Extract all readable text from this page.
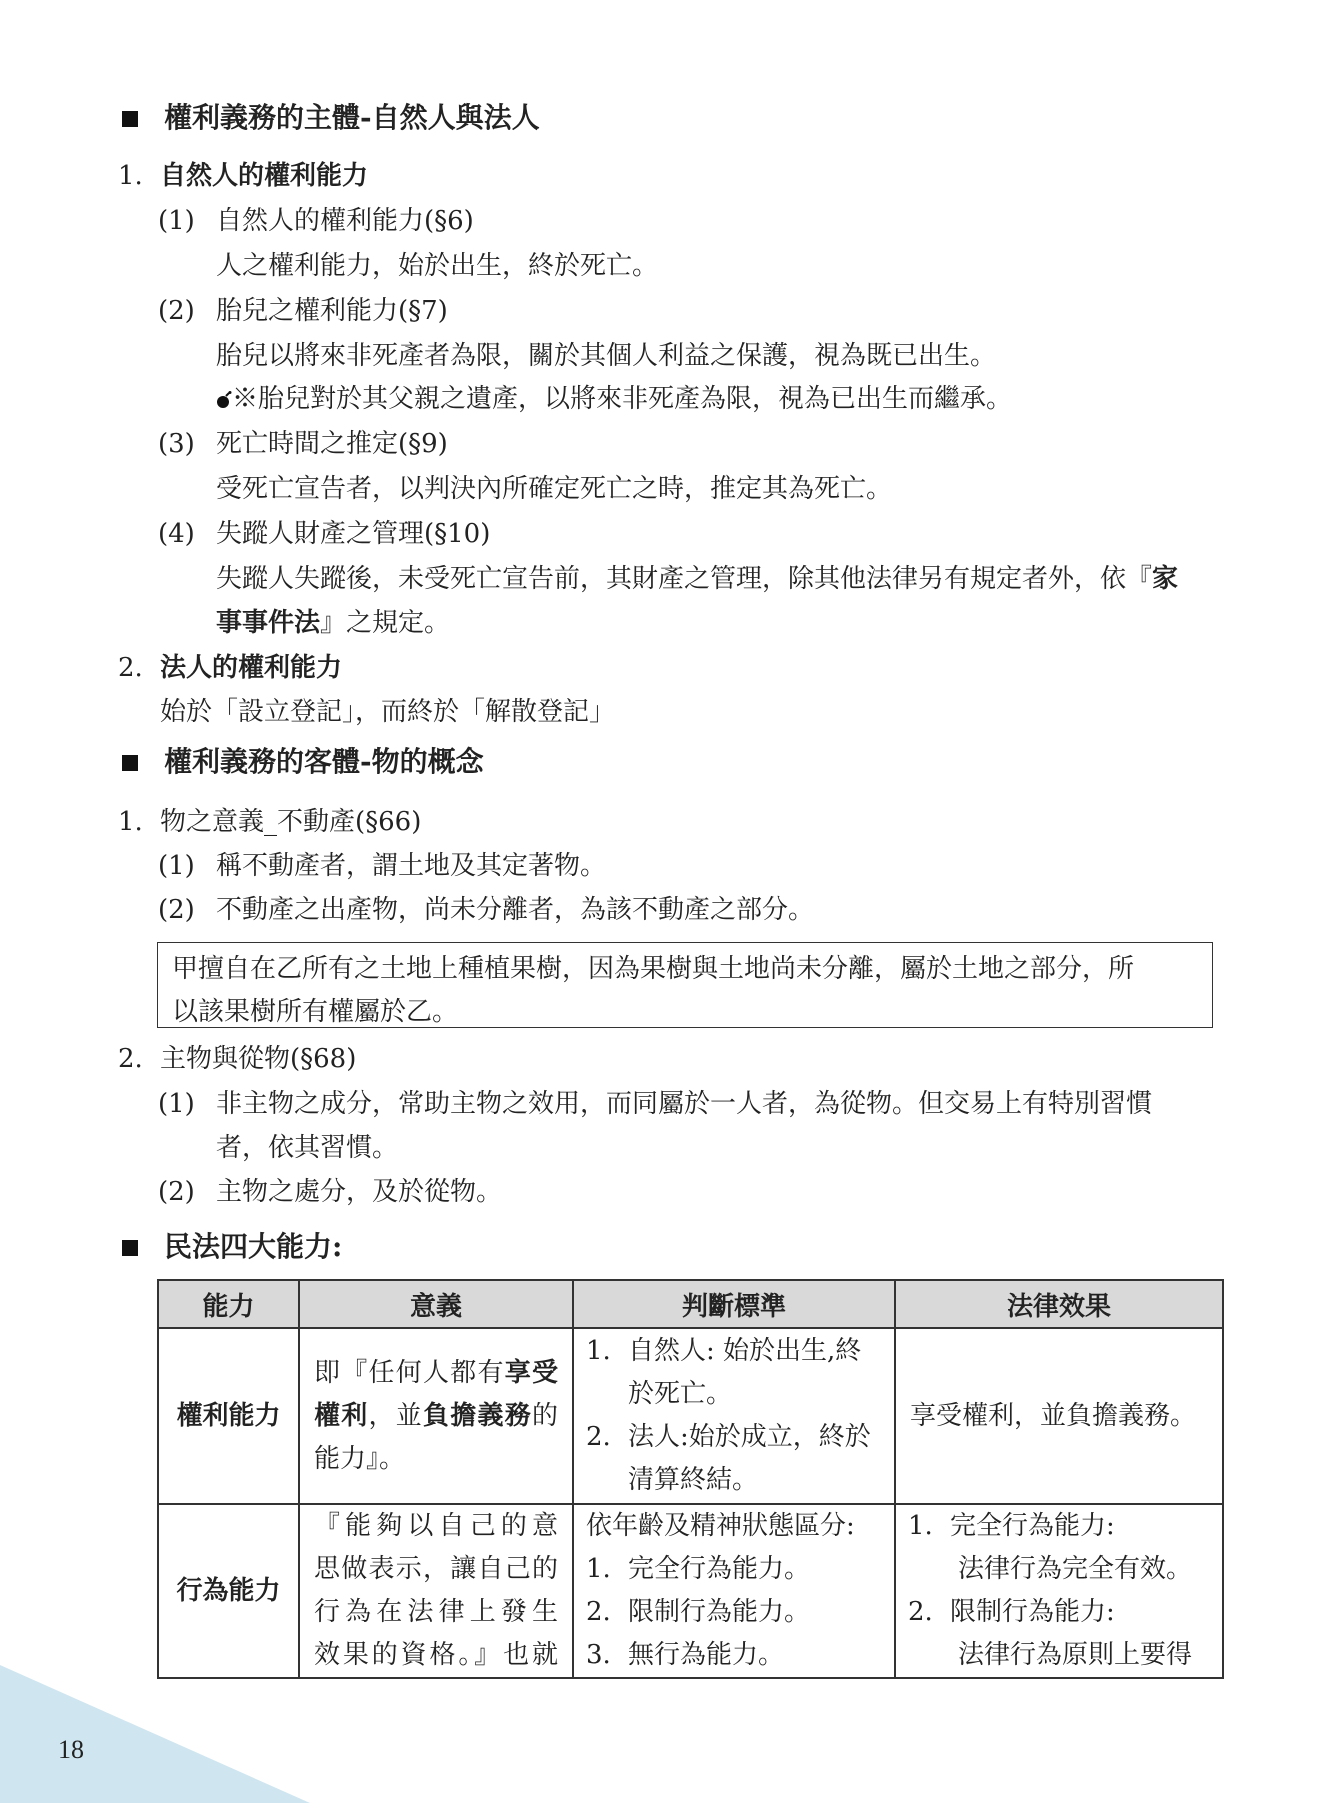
權利義務的主體-自然人與法人
1. 自然人的權利能力
(1) 自然人的權利能力(§6)
人之權利能力，始於出生，終於死亡。
(2) 胎兒之權利能力(§7)
胎兒以將來非死產者為限，關於其個人利益之保護，視為既已出生。
※胎兒對於其父親之遺產，以將來非死產為限，視為已出生而繼承。
(3) 死亡時間之推定(§9)
受死亡宣告者，以判決內所確定死亡之時，推定其為死亡。
(4) 失蹤人財產之管理(§10)
失蹤人失蹤後，未受死亡宣告前，其財產之管理，除其他法律另有規定者外，依『家
事事件法』之規定。
2. 法人的權利能力
始於「設立登記」，而終於「解散登記」
權利義務的客體-物的概念
1. 物之意義_不動產(§66)
(1) 稱不動產者，謂土地及其定著物。
(2) 不動產之出產物，尚未分離者，為該不動產之部分。
甲擅自在乙所有之土地上種植果樹，因為果樹與土地尚未分離，屬於土地之部分，所
以該果樹所有權屬於乙。
2. 主物與從物(§68)
(1) 非主物之成分，常助主物之效用，而同屬於一人者，為從物。但交易上有特別習慣
者，依其習慣。
(2) 主物之處分，及於從物。
民法四大能力:
能力	意義	判斷標準	法律效果
權利能力	即『任何人都有享受
權利，並負擔義務的
能力』。	1. 自然人: 始於出生,終
於死亡。
2. 法人:始於成立，終於
清算終結。	享受權利，並負擔義務。
行為能力	『能夠以自己的意
思做表示，讓自己的
行為在法律上發生
效果的資格。』也就	依年齡及精神狀態區分:
1. 完全行為能力。
2. 限制行為能力。
3. 無行為能力。	1. 完全行為能力:
法律行為完全有效。
2. 限制行為能力:
法律行為原則上要得
18
